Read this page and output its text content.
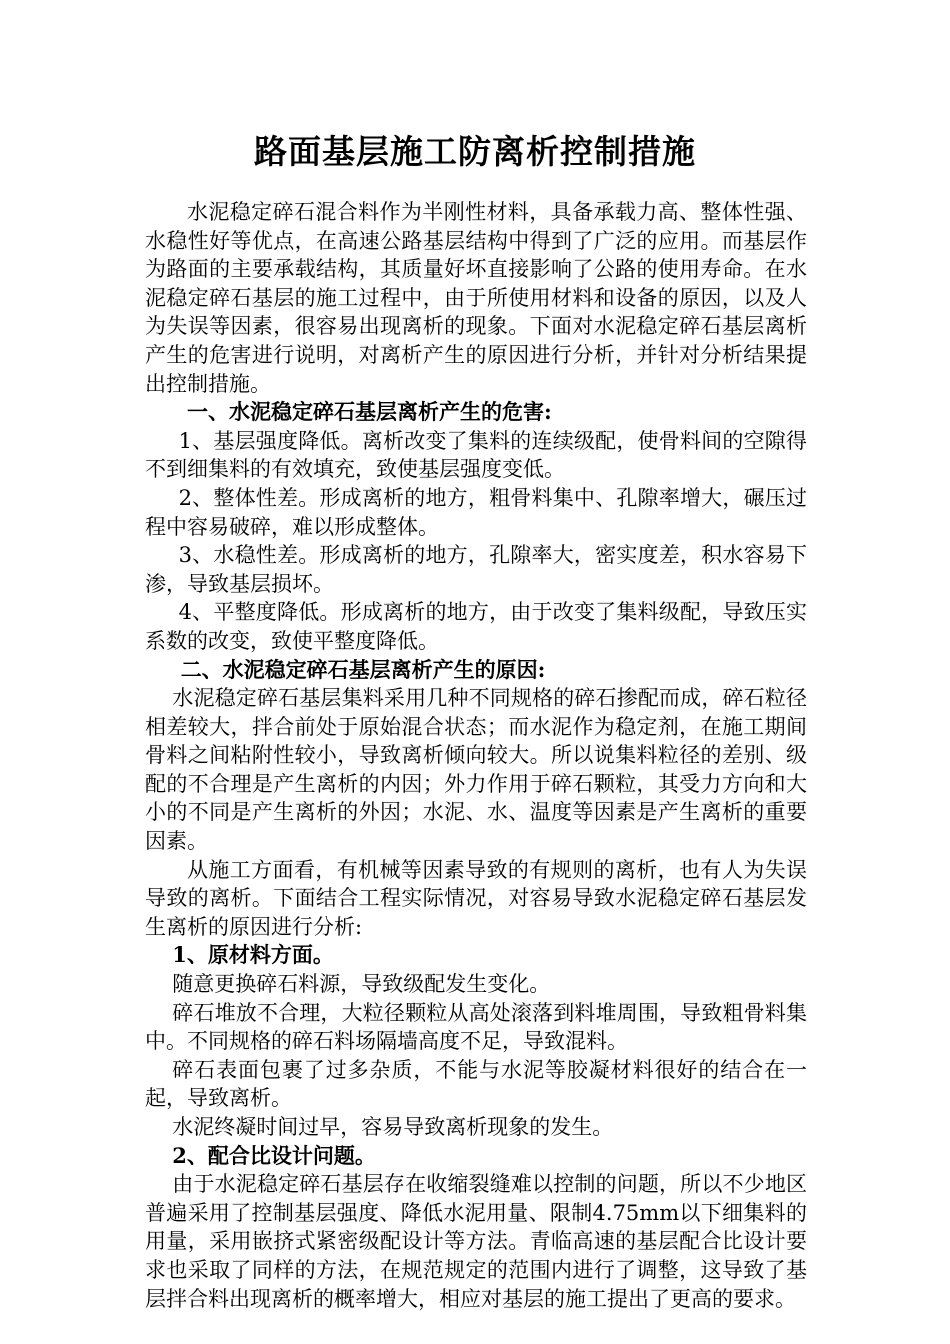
路面基层施工防离析控制措施

水泥稳定碎石混合料作为半刚性材料，具备承载力高、整体性强、水稳性好等优点，在高速公路基层结构中得到了广泛的应用。而基层作为路面的主要承载结构，其质量好坏直接影响了公路的使用寿命。在水泥稳定碎石基层的施工过程中，由于所使用材料和设备的原因，以及人为失误等因素，很容易出现离析的现象。下面对水泥稳定碎石基层离析产生的危害进行说明，对离析产生的原因进行分析，并针对分析结果提出控制措施。

一、水泥稳定碎石基层离析产生的危害:

1、基层强度降低。离析改变了集料的连续级配，使骨料间的空隙得不到细集料的有效填充，致使基层强度变低。

2、整体性差。形成离析的地方，粗骨料集中、孔隙率增大，碾压过程中容易破碎，难以形成整体。

3、水稳性差。形成离析的地方，孔隙率大，密实度差，积水容易下渗，导致基层损坏。

4、平整度降低。形成离析的地方，由于改变了集料级配，导致压实系数的改变，致使平整度降低。

二、水泥稳定碎石基层离析产生的原因:

水泥稳定碎石基层集料采用几种不同规格的碎石掺配而成，碎石粒径相差较大，拌合前处于原始混合状态；而水泥作为稳定剂，在施工期间骨料之间粘附性较小，导致离析倾向较大。所以说集料粒径的差别、级配的不合理是产生离析的内因；外力作用于碎石颗粒，其受力方向和大小的不同是产生离析的外因；水泥、水、温度等因素是产生离析的重要因素。

从施工方面看，有机械等因素导致的有规则的离析，也有人为失误导致的离析。下面结合工程实际情况，对容易导致水泥稳定碎石基层发生离析的原因进行分析:

1、原材料方面。

随意更换碎石料源，导致级配发生变化。

碎石堆放不合理，大粒径颗粒从高处滚落到料堆周围，导致粗骨料集中。不同规格的碎石料场隔墙高度不足，导致混料。

碎石表面包裹了过多杂质，不能与水泥等胶凝材料很好的结合在一起，导致离析。

水泥终凝时间过早，容易导致离析现象的发生。

2、配合比设计问题。

由于水泥稳定碎石基层存在收缩裂缝难以控制的问题，所以不少地区普遍采用了控制基层强度、降低水泥用量、限制4.75mm以下细集料的用量，采用嵌挤式紧密级配设计等方法。青临高速的基层配合比设计要求也采取了同样的方法，在规范规定的范围内进行了调整，这导致了基层拌合料出现离析的概率增大，相应对基层的施工提出了更高的要求。
